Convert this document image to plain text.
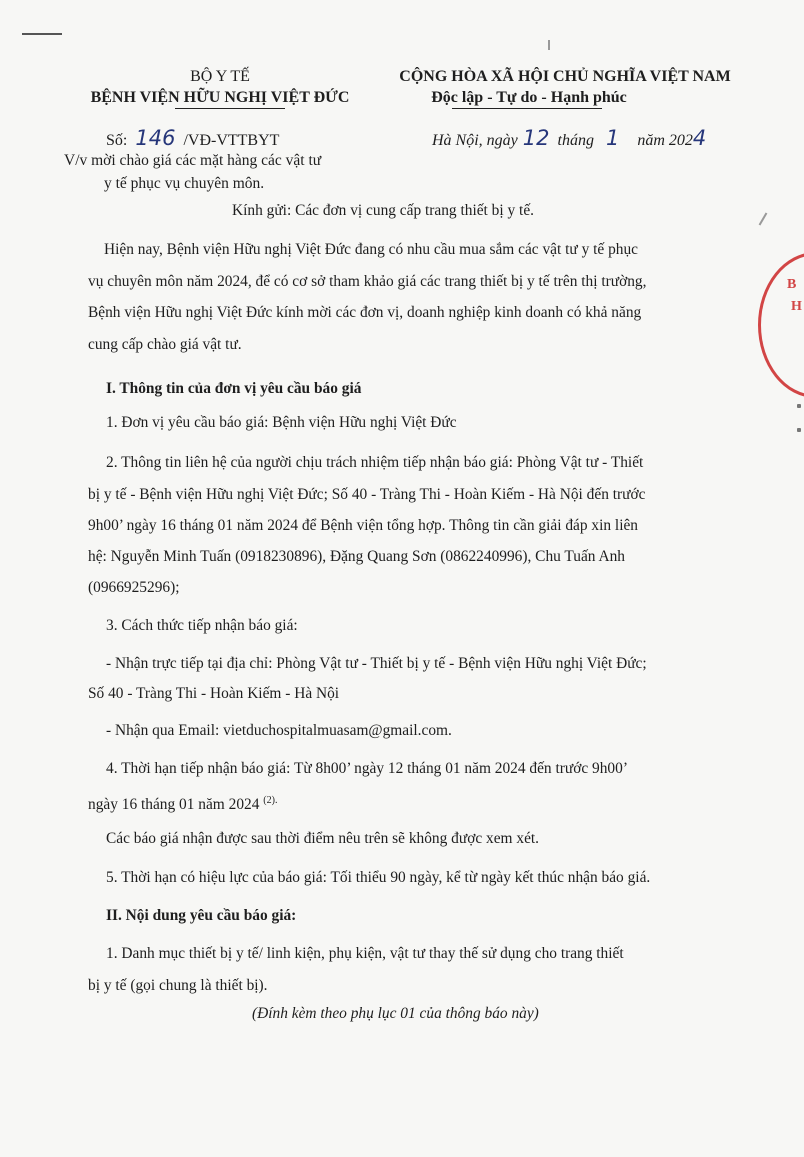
BỘ Y TẾ
BỆNH VIỆN HỮU NGHỊ VIỆT ĐỨC
CỘNG HÒA XÃ HỘI CHỦ NGHĨA VIỆT NAM
Độc lập - Tự do - Hạnh phúc
Số: 146 /VĐ-VTTBYT
V/v mời chào giá các mặt hàng các vật tư
y tế phục vụ chuyên môn.
Hà Nội, ngày 12 tháng 1 năm 2024
Kính gửi: Các đơn vị cung cấp trang thiết bị y tế.
Hiện nay, Bệnh viện Hữu nghị Việt Đức đang có nhu cầu mua sắm các vật tư y tế phục
vụ chuyên môn năm 2024, để có cơ sở tham khảo giá các trang thiết bị y tế trên thị trường,
Bệnh viện Hữu nghị Việt Đức kính mời các đơn vị, doanh nghiệp kinh doanh có khả năng
cung cấp chào giá vật tư.
I. Thông tin của đơn vị yêu cầu báo giá
1. Đơn vị yêu cầu báo giá: Bệnh viện Hữu nghị Việt Đức
2. Thông tin liên hệ của người chịu trách nhiệm tiếp nhận báo giá: Phòng Vật tư - Thiết
bị y tế - Bệnh viện Hữu nghị Việt Đức; Số 40 - Tràng Thi - Hoàn Kiếm - Hà Nội đến trước
9h00’ ngày 16 tháng 01 năm 2024 để Bệnh viện tổng hợp. Thông tin cần giải đáp xin liên
hệ: Nguyễn Minh Tuấn (0918230896), Đặng Quang Sơn (0862240996), Chu Tuấn Anh
(0966925296);
3. Cách thức tiếp nhận báo giá:
- Nhận trực tiếp tại địa chỉ: Phòng Vật tư - Thiết bị y tế - Bệnh viện Hữu nghị Việt Đức;
Số 40 - Tràng Thi - Hoàn Kiếm - Hà Nội
- Nhận qua Email: vietduchospitalmuasam@gmail.com.
4. Thời hạn tiếp nhận báo giá: Từ 8h00’ ngày 12 tháng 01 năm 2024 đến trước 9h00’
ngày 16 tháng 01 năm 2024 $^{(2).}$
Các báo giá nhận được sau thời điểm nêu trên sẽ không được xem xét.
5. Thời hạn có hiệu lực của báo giá: Tối thiểu 90 ngày, kể từ ngày kết thúc nhận báo giá.
II. Nội dung yêu cầu báo giá:
1. Danh mục thiết bị y tế/ linh kiện, phụ kiện, vật tư thay thế sử dụng cho trang thiết
bị y tế (gọi chung là thiết bị).
(Đính kèm theo phụ lục 01 của thông báo này)
B
H
